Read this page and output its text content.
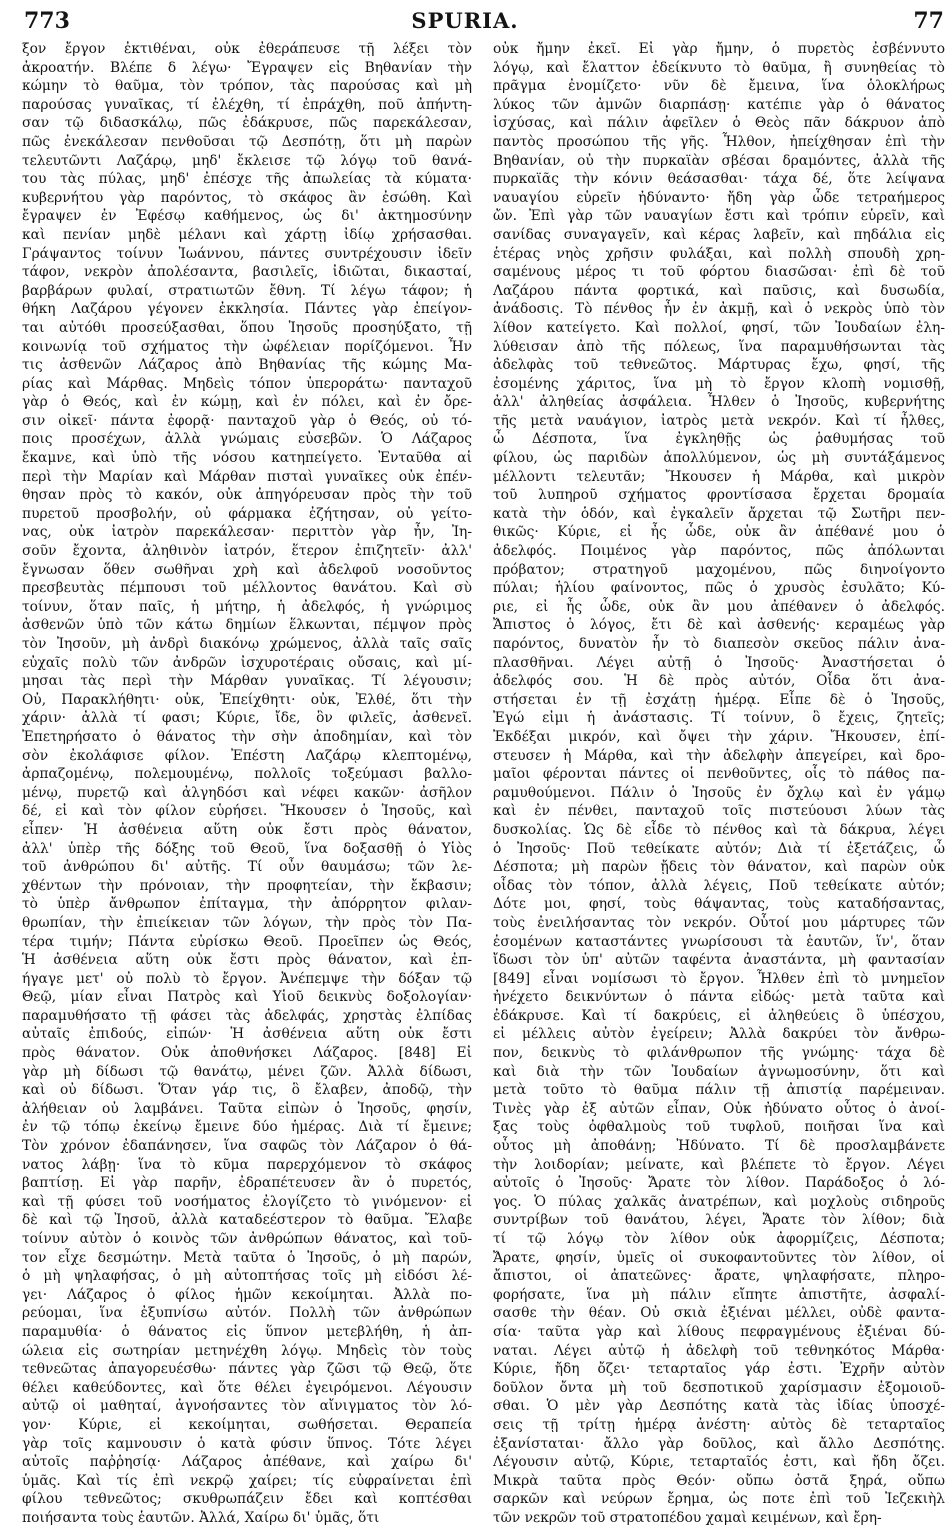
773	SPURIA.	77
ξον ἔργον ἐκτιθέναι, οὐκ ἐθεράπευσε τῇ λέξει τὸν
ἀκροατήν. Βλέπε δ λέγω· Ἔγραψεν εἰς Βηθανίαν τὴν
κώμην τὸ θαῦμα, τὸν τρόπον, τὰς παρούσας καὶ μὴ
παρούσας γυναῖκας, τί ἐλέχθη, τί ἐπράχθη, ποῦ ἀπήντη-
σαν τῷ διδασκάλῳ, πῶς ἐδάκρυσε, πῶς παρεκάλεσαν,
πῶς ἐνεκάλεσαν πενθοῦσαι τῷ Δεσπότῃ, ὅτι μὴ παρὼν
τελευτῶντι Λαζάρῳ, μηδ' ἔκλεισε τῷ λόγῳ τοῦ θανά-
του τὰς πύλας, μηδ' ἐπέσχε τῆς ἀπωλείας τὰ κύματα·
κυβερνήτου γὰρ παρόντος, τὸ σκάφος ἂν ἐσώθη. Καὶ
ἔγραψεν ἐν Ἐφέσῳ καθήμενος, ὡς δι' ἀκτημοσύνην
καὶ πενίαν μηδὲ μέλανι καὶ χάρτῃ ἰδίῳ χρήσασθαι.
Γράψαντος τοίνυν Ἰωάννου, πάντες συντρέχουσιν ἰδεῖν
τάφον, νεκρὸν ἀπολέσαντα, βασιλεῖς, ἰδιῶται, δικασταί,
βαρβάρων φυλαί, στρατιωτῶν ἔθνη. Τί λέγω τάφον; ἡ
θήκη Λαζάρου γέγονεν ἐκκλησία. Πάντες γὰρ ἐπείγον-
ται αὐτόθι προσεύξασθαι, ὅπου Ἰησοῦς προσηύξατο, τῇ
κοινωνίᾳ τοῦ σχήματος τὴν ὠφέλειαν πορίζόμενοι. Ἦν
τις ἀσθενῶν Λάζαρος ἀπὸ Βηθανίας τῆς κώμης Μα-
ρίας καὶ Μάρθας. Μηδεὶς τόπον ὑπεροράτω· πανταχοῦ
γὰρ ὁ Θεός, καὶ ἐν κώμῃ, καὶ ἐν πόλει, καὶ ἐν ὄρε-
σιν οἰκεῖ· πάντα ἐφορᾷ· πανταχοῦ γὰρ ὁ Θεός, οὐ τό-
ποις προσέχων, ἀλλὰ γνώμαις εὐσεβῶν. Ὁ Λάζαρος
ἔκαμνε, καὶ ὑπὸ τῆς νόσου κατηπείγετο. Ἐνταῦθα αἱ
περὶ τὴν Μαρίαν καὶ Μάρθαν πισταὶ γυναῖκες οὐκ ἐπέν-
θησαν πρὸς τὸ κακόν, οὐκ ἀπηγόρευσαν πρὸς τὴν τοῦ
πυρετοῦ προσβολήν, οὐ φάρμακα ἐζήτησαν, οὐ γείτο-
νας, οὐκ ἰατρὸν παρεκάλεσαν· περιττὸν γὰρ ἦν, Ἰη-
σοῦν ἔχοντα, ἀληθινὸν ἰατρόν, ἕτερον ἐπιζητεῖν· ἀλλ'
ἔγνωσαν ὅθεν σωθῆναι χρὴ καὶ ἀδελφοῦ νοσοῦντος
πρεσβευτὰς πέμπουσι τοῦ μέλλοντος θανάτου. Καὶ σὺ
τοίνυν, ὅταν παῖς, ἡ μήτηρ, ἡ ἀδελφός, ἡ γνώριμος
ἀσθενῶν ὑπὸ τῶν κάτω δημίων ἕλκωνται, πέμψον πρὸς
τὸν Ἰησοῦν, μὴ ἀνδρὶ διακόνῳ χρώμενος, ἀλλὰ ταῖς σαῖς
εὐχαῖς πολὺ τῶν ἀνδρῶν ἰσχυροτέραις οὔσαις, καὶ μί-
μησαι τὰς περὶ τὴν Μάρθαν γυναῖκας. Τί λέγουσιν;
Οὐ, Παρακλήθητι· οὐκ, Ἐπείχθητι· οὐκ, Ἐλθέ, ὅτι τὴν
χάριν· ἀλλὰ τί φασι; Κύριε, ἴδε, ὃν φιλεῖς, ἀσθενεῖ.
Ἐπετηρήσατο ὁ θάνατος τὴν σὴν ἀποδημίαν, καὶ τὸν
σὸν ἐκολάφισε φίλον. Ἐπέστη Λαζάρῳ κλεπτομένῳ,
ἀρπαζομένῳ, πολεμουμένῳ, πολλοῖς τοξεύμασι βαλλο-
μένῳ, πυρετῷ καὶ ἀλγηδόσι καὶ νέφει κακῶν· ἀσῆλον
δέ, εἰ καὶ τὸν φίλον εὑρήσει. Ἤκουσεν ὁ Ἰησοῦς, καὶ
εἶπεν· Ἡ ἀσθένεια αὕτη οὐκ ἔστι πρὸς θάνατον,
ἀλλ' ὑπὲρ τῆς δόξης τοῦ Θεοῦ, ἵνα δοξασθῇ ὁ Υἱὸς
τοῦ ἀνθρώπου δι' αὐτῆς. Τί οὖν θαυμάσω; τῶν λε-
χθέντων τὴν πρόνοιαν, τὴν προφητείαν, τὴν ἔκβασιν;
τὸ ὑπὲρ ἄνθρωπον ἐπίταγμα, τὴν ἀπόρρητον φιλαν-
θρωπίαν, τὴν ἐπιείκειαν τῶν λόγων, τὴν πρὸς τὸν Πα-
τέρα τιμήν; Πάντα εὐρίσκω Θεοῦ. Προεῖπεν ὡς Θεός,
Ἡ ἀσθένεια αὕτη οὐκ ἔστι πρὸς θάνατον, καὶ ἐπ-
ήγαγε μετ' οὐ πολὺ τὸ ἔργον. Ἀνέπεμψε τὴν δόξαν τῷ
Θεῷ, μίαν εἶναι Πατρὸς καὶ Υἱοῦ δεικνὺς δοξολογίαν·
παραμυθήσατο τῇ φάσει τὰς ἀδελφάς, χρηστὰς ἐλπίδας
αὐταῖς ἐπιδούς, εἰπών· Ἡ ἀσθένεια αὕτη οὐκ ἔστι
πρὸς θάνατον. Οὐκ ἀποθνήσκει Λάζαρος. [848] Εἰ
γὰρ μὴ δίδωσι τῷ θανάτῳ, μένει ζῶν. Ἀλλὰ δίδωσι,
καὶ οὐ δίδωσι. Ὅταν γάρ τις, ὃ ἔλαβεν, ἀποδῷ, τὴν
ἀλήθειαν οὐ λαμβάνει. Ταῦτα εἰπὼν ὁ Ἰησοῦς, φησίν,
ἐν τῷ τόπῳ ἐκείνῳ ἔμεινε δύο ἡμέρας. Διὰ τί ἔμεινε;
Τὸν χρόνον ἐδαπάνησεν, ἵνα σαφῶς τὸν Λάζαρον ὁ θά-
νατος λάβῃ· ἵνα τὸ κῦμα παρερχόμενον τὸ σκάφος
βαπτίσῃ. Εἰ γὰρ παρῆν, ἐδραπέτευσεν ἂν ὁ πυρετός,
καὶ τῇ φύσει τοῦ νοσήματος ἐλογίζετο τὸ γινόμενον· εἰ
δὲ καὶ τῷ Ἰησοῦ, ἀλλὰ καταδεέστερον τὸ θαῦμα. Ἔλαβε
τοίνυν αὐτὸν ὁ κοινὸς τῶν ἀνθρώπων θάνατος, καὶ τοῦ-
τον εἶχε δεσμώτην. Μετὰ ταῦτα ὁ Ἰησοῦς, ὁ μὴ παρών,
ὁ μὴ ψηλαφήσας, ὁ μὴ αὐτοπτήσας τοῖς μὴ εἰδόσι λέ-
γει· Λάζαρος ὁ φίλος ἡμῶν κεκοίμηται. Ἀλλὰ πο-
ρεύομαι, ἵνα ἐξυπνίσω αὐτόν. Πολλὴ τῶν ἀνθρώπων
παραμυθία· ὁ θάνατος εἰς ὕπνον μετεβλήθη, ἡ ἀπ-
ώλεια εἰς σωτηρίαν μετηνέχθη λόγῳ. Μηδεὶς τὸν τοὺς
τεθνεῶτας ἀπαγορευέσθω· πάντες γὰρ ζῶσι τῷ Θεῷ, ὅτε
θέλει καθεύδοντες, καὶ ὅτε θέλει ἐγειρόμενοι. Λέγουσιν
αὐτῷ οἱ μαθηταί, ἀγνοήσαντες τὸν αἴνιγματος τὸν λό-
γον· Κύριε, εἰ κεκοίμηται, σωθήσεται. Θεραπεία
γὰρ τοῖς καμνουσιν ὁ κατὰ φύσιν ὕπνος. Τότε λέγει
αὐτοῖς παῤῥησίᾳ· Λάζαρος ἀπέθανε, καὶ χαίρω δι'
ὑμᾶς. Καὶ τίς ἐπὶ νεκρῷ χαίρει; τίς εὐφραίνεται ἐπὶ
φίλου τεθνεῶτος; σκυθρωπάζειν ἔδει καὶ κοπτέσθαι
ποιήσαντα τοὺς ἑαυτῶν. Ἀλλά, Χαίρω δι' ὑμᾶς, ὅτι
οὐκ ἤμην ἐκεῖ. Εἰ γὰρ ἤμην, ὁ πυρετὸς ἐσβέννυτο
λόγῳ, καὶ ἔλαττον ἐδείκνυτο τὸ θαῦμα, ἢ συνηθείας τὸ
πρᾶγμα ἐνομίζετο· νῦν δὲ ἔμεινα, ἵνα ὁλοκλήρως
λύκος τῶν ἀμνῶν διαρπάσῃ· κατέπιε γὰρ ὁ θάνατος
ἰσχύσας, καὶ πάλιν ἀφεῖλεν ὁ Θεὸς πᾶν δάκρυον ἀπὸ
παντὸς προσώπου τῆς γῆς. Ἦλθον, ἠπείχθησαν ἐπὶ τὴν
Βηθανίαν, οὐ τὴν πυρκαϊὰν σβέσαι δραμόντες, ἀλλὰ τῆς
πυρκαϊᾶς τὴν κόνιν θεάσασθαι· τάχα δέ, ὅτε λείψανα
ναυαγίου εὑρεῖν ἠδύναντο· ἤδη γὰρ ὧδε τετραήμερος
ὤν. Ἐπὶ γὰρ τῶν ναυαγίων ἔστι καὶ τρόπιν εὑρεῖν, καὶ
σανίδας συναγαγεῖν, καὶ κέρας λαβεῖν, καὶ πηδάλια εἰς
ἑτέρας νηὸς χρῆσιν φυλάξαι, καὶ πολλὴ σπουδὴ χρη-
σαμένους μέρος τι τοῦ φόρτου διασῶσαι· ἐπὶ δὲ τοῦ
Λαζάρου πάντα φορτικά, καὶ παῦσις, καὶ δυσωδία,
ἀνάδοσις. Τὸ πένθος ἦν ἐν ἀκμῇ, καὶ ὁ νεκρὸς ὑπὸ τὸν
λίθον κατείγετο. Καὶ πολλοί, φησί, τῶν Ἰουδαίων ἐλη-
λύθεισαν ἀπὸ τῆς πόλεως, ἵνα παραμυθήσωνται τὰς
ἀδελφὰς τοῦ τεθνεῶτος. Μάρτυρας ἔχω, φησί, τῆς
ἐσομένης χάριτος, ἵνα μὴ τὸ ἔργον κλοπὴ νομισθῇ,
ἀλλ' ἀληθείας ἀσφάλεια. Ἦλθεν ὁ Ἰησοῦς, κυβερνήτης
τῆς μετὰ ναυάγιον, ἰατρὸς μετὰ νεκρόν. Καὶ τί ἦλθες,
ὦ Δέσποτα, ἵνα ἐγκληθῇς ὡς ῥαθυμήσας τοῦ
φίλου, ὡς παριδὼν ἀπολλύμενον, ὡς μὴ συντάξάμενος
μέλλοντι τελευτᾶν; Ἤκουσεν ἡ Μάρθα, καὶ μικρὸν
τοῦ λυπηροῦ σχήματος φροντίσασα ἔρχεται δρομαία
κατὰ τὴν ὁδόν, καὶ ἐγκαλεῖν ἄρχεται τῷ Σωτῆρι πεν-
θικῶς· Κύριε, εἰ ἦς ὧδε, οὐκ ἂν ἀπέθανέ μου ὁ
ἀδελφός. Ποιμένος γὰρ παρόντος, πῶς ἀπόλωνται
πρόβατον; στρατηγοῦ μαχομένου, πῶς διηνοίγοντο
πύλαι; ἡλίου φαίνοντος, πῶς ὁ χρυσὸς ἐσυλᾶτο; Κύ-
ριε, εἰ ἦς ὧδε, οὐκ ἂν μου ἀπέθανεν ὁ ἀδελφός.
Ἄπιστος ὁ λόγος, ἔτι δὲ καὶ ἀσθενής· κεραμέως γὰρ
παρόντος, δυνατὸν ἦν τὸ διαπεσὸν σκεῦος πάλιν ἀνα-
πλασθῆναι. Λέγει αὐτῇ ὁ Ἰησοῦς· Ἀναστήσεται ὁ
ἀδελφός σου. Ἡ δὲ πρὸς αὐτόν, Οἶδα ὅτι ἀνα-
στήσεται ἐν τῇ ἐσχάτῃ ἡμέρᾳ. Εἶπε δὲ ὁ Ἰησοῦς,
Ἐγώ εἰμι ἡ ἀνάστασις. Τί τοίνυν, ὃ ἔχεις, ζητεῖς;
Ἐκδέξαι μικρόν, καὶ ὄψει τὴν χάριν. Ἤκουσεν, ἐπί-
στευσεν ἡ Μάρθα, καὶ τὴν ἀδελφὴν ἀπεγείρει, καὶ δρο-
μαῖοι φέρονται πάντες οἱ πενθοῦντες, οἷς τὸ πάθος πα-
ραμυθούμενοι. Πάλιν ὁ Ἰησοῦς ἐν ὄχλῳ καὶ ἐν γάμῳ
καὶ ἐν πένθει, πανταχοῦ τοῖς πιστεύουσι λύων τὰς
δυσκολίας. Ὡς δὲ εἶδε τὸ πένθος καὶ τὰ δάκρυα, λέγει
ὁ Ἰησοῦς· Ποῦ τεθείκατε αὐτόν; Διὰ τί ἐξετάζεις, ὦ
Δέσποτα; μὴ παρὼν ᾔδεις τὸν θάνατον, καὶ παρὼν οὐκ
οἶδας τὸν τόπον, ἀλλὰ λέγεις, Ποῦ τεθείκατε αὐτόν;
Δότε μοι, φησί, τοὺς θάψαντας, τοὺς καταδήσαντας,
τοὺς ἐνειλήσαντας τὸν νεκρόν. Οὗτοί μου μάρτυρες τῶν
ἐσομένων καταστάντες γνωρίσουσι τὰ ἑαυτῶν, ἵν', ὅταν
ἴδωσι τὸν ὑπ' αὐτῶν ταφέντα ἀναστάντα, μὴ φαντασίαν
[849] εἶναι νομίσωσι τὸ ἔργον. Ἦλθεν ἐπὶ τὸ μνημεῖον
ἠνέχετο δεικνύντων ὁ πάντα εἰδώς· μετὰ ταῦτα καὶ
ἐδάκρυσε. Καὶ τί δακρύεις, εἰ ἀληθεύεις ὃ ὑπέσχου,
εἰ μέλλεις αὐτὸν ἐγείρειν; Ἀλλὰ δακρύει τὸν ἄνθρω-
πον, δεικνὺς τὸ φιλάνθρωπον τῆς γνώμης· τάχα δὲ
καὶ διὰ τὴν τῶν Ἰουδαίων ἀγνωμοσύνην, ὅτι καὶ
μετὰ τοῦτο τὸ θαῦμα πάλιν τῇ ἀπιστίᾳ παρέμειναν.
Τινὲς γὰρ ἐξ αὐτῶν εἶπαν, Οὐκ ἠδύνατο οὗτος ὁ ἀνοί-
ξας τοὺς ὀφθαλμοὺς τοῦ τυφλοῦ, ποιῆσαι ἵνα καὶ
οὗτος μὴ ἀποθάνῃ; Ἠδύνατο. Τί δὲ προσλαμβάνετε
τὴν λοιδορίαν; μείνατε, καὶ βλέπετε τὸ ἔργον. Λέγει
αὐτοῖς ὁ Ἰησοῦς· Ἄρατε τὸν λίθον. Παράδοξος ὁ λό-
γος. Ὁ πύλας χαλκᾶς ἀνατρέπων, καὶ μοχλοὺς σιδηροῦς
συντρίβων τοῦ θανάτου, λέγει, Ἄρατε τὸν λίθον; διὰ
τί τῷ λόγῳ τὸν λίθον οὐκ ἀφορμίζεις, Δέσποτα;
Ἄρατε, φησίν, ὑμεῖς οἱ συκοφαντοῦντες τὸν λίθον, οἱ
ἄπιστοι, οἱ ἀπατεῶνες· ἄρατε, ψηλαφήσατε, πληρο-
φορήσατε, ἵνα μὴ πάλιν εἴπητε ἀπιστῆτε, ἀσφαλί-
σασθε τὴν θέαν. Οὐ σκιὰ ἐξιέναι μέλλει, οὐδὲ φαντα-
σία· ταῦτα γὰρ καὶ λίθους πεφραγμένους ἐξιέναι δύ-
ναται. Λέγει αὐτῷ ἡ ἀδελφὴ τοῦ τεθνηκότος Μάρθα·
Κύριε, ἤδη ὄζει· τεταρταῖος γάρ ἐστι. Ἐχρῆν αὐτὸν
δοῦλον ὄντα μὴ τοῦ δεσποτικοῦ χαρίσμασιν ἐξομοιοῦ-
σθαι. Ὁ μὲν γὰρ Δεσπότης κατὰ τὰς ἰδίας ὑποσχέ-
σεις τῇ τρίτῃ ἡμέρᾳ ἀνέστη· αὐτὸς δὲ τεταρταῖος
ἐξανίσταται· ἄλλο γὰρ δοῦλος, καὶ ἄλλο Δεσπότης.
Λέγουσιν αὐτῷ, Κύριε, τεταρταῖός ἐστι, καὶ ἤδη ὄζει.
Μικρὰ ταῦτα πρὸς Θεόν· οὔπω ὀστᾶ ξηρά, οὔπω
σαρκῶν καὶ νεύρων ἔρημα, ὡς ποτε ἐπὶ τοῦ Ἰεζεκιὴλ
τῶν νεκρῶν τοῦ στρατοπέδου χαμαὶ κειμένων, καὶ ἔρη-
